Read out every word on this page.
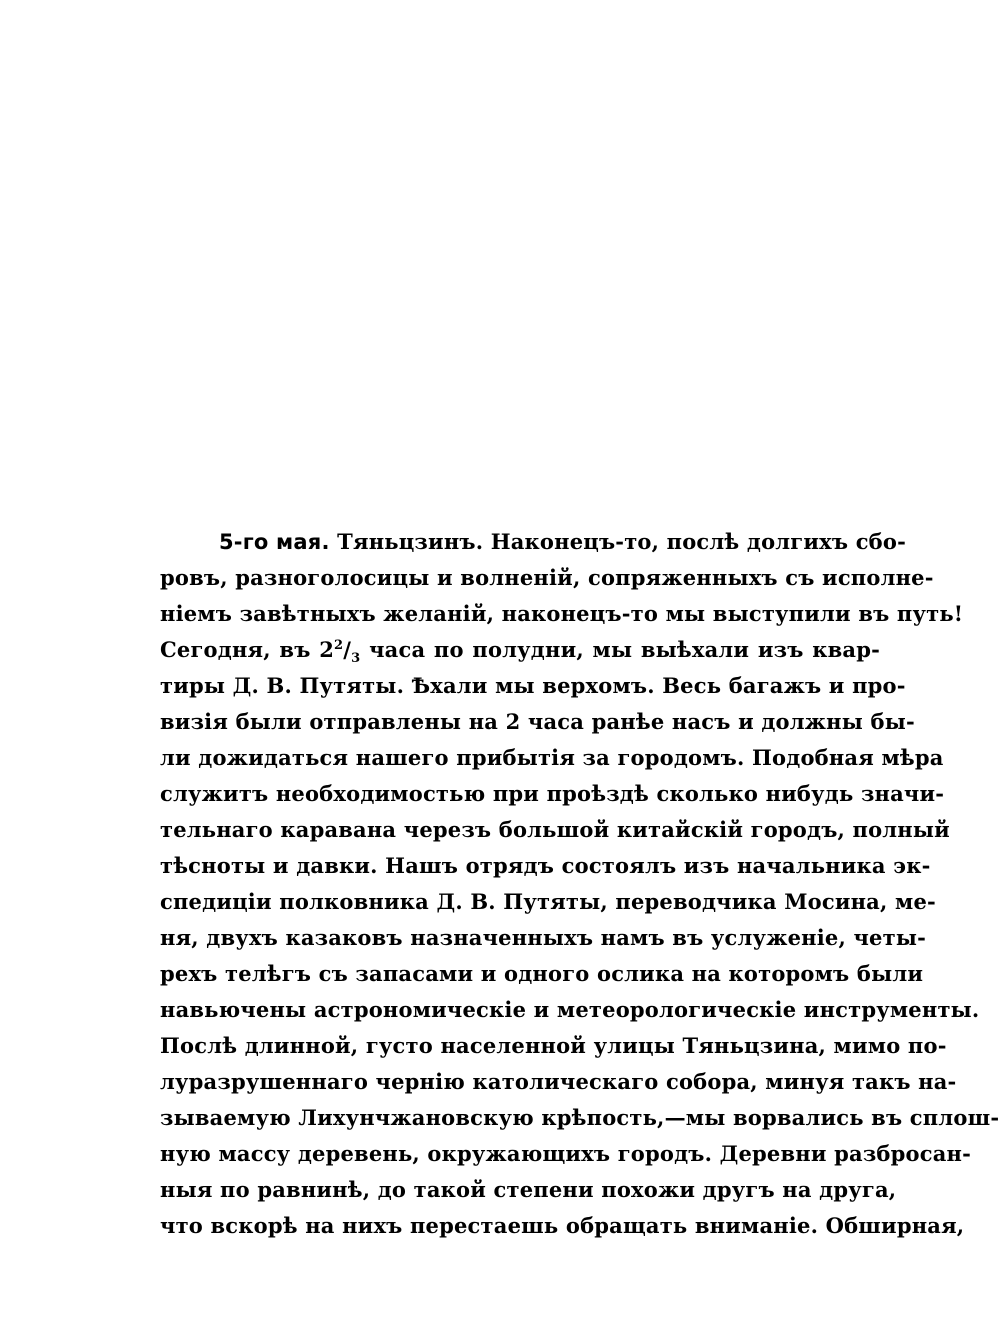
5-го мая. Тяньцзинъ. Наконецъ-то, послѣ долгихъ сбо-
ровъ, разноголосицы и волненій, сопряженныхъ съ исполне-
ніемъ завѣтныхъ желаній, наконецъ-то мы выступили въ путь!
Сегодня, въ $2^2/_3$ часа по полудни, мы выѣхали изъ квар-
тиры Д. В. Путяты. Ѣхали мы верхомъ. Весь багажъ и про-
визія были отправлены на 2 часа ранѣе насъ и должны бы-
ли дожидаться нашего прибытія за городомъ. Подобная мѣра
служитъ необходимостью при проѣздѣ сколько нибудь значи-
тельнаго каравана черезъ большой китайскій городъ, полный
тѣсноты и давки. Нашъ отрядъ состоялъ изъ начальника эк-
спедиціи полковника Д. В. Путяты, переводчика Мосина, ме-
ня, двухъ казаковъ назначенныхъ намъ въ услуженіе, четы-
рехъ телѣгъ съ запасами и одного ослика на которомъ были
навьючены астрономическіе и метеорологическіе инструменты.
Послѣ длинной, густо населенной улицы Тяньцзина, мимо по-
луразрушеннаго чернію католическаго собора, минуя такъ на-
зываемую Лихунчжановскую крѣпость,—мы ворвались въ сплош-
ную массу деревень, окружающихъ городъ. Деревни разбросан-
ныя по равнинѣ, до такой степени похожи другъ на друга,
что вскорѣ на нихъ перестаешь обращать вниманіе. Обширная,
